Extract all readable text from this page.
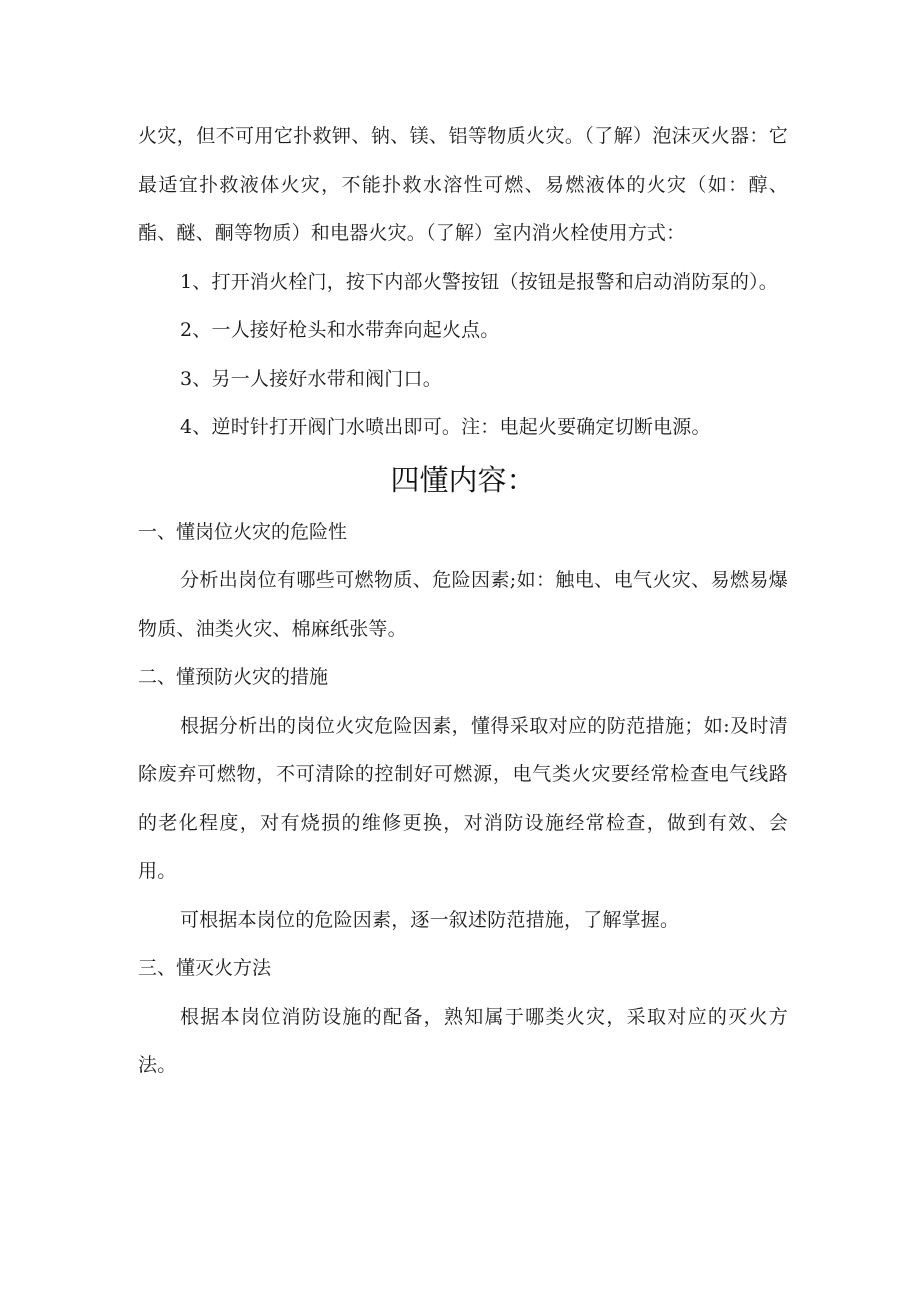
火灾，但不可用它扑救钾、钠、镁、铝等物质火灾。（了解）泡沫灭火器：它最适宜扑救液体火灾，不能扑救水溶性可燃、易燃液体的火灾（如：醇、酯、醚、酮等物质）和电器火灾。（了解）室内消火栓使用方式：

1、打开消火栓门，按下内部火警按钮（按钮是报警和启动消防泵的）。

2、一人接好枪头和水带奔向起火点。

3、另一人接好水带和阀门口。

4、逆时针打开阀门水喷出即可。注：电起火要确定切断电源。

四懂内容：

一、懂岗位火灾的危险性

分析出岗位有哪些可燃物质、危险因素;如：触电、电气火灾、易燃易爆物质、油类火灾、棉麻纸张等。

二、懂预防火灾的措施

根据分析出的岗位火灾危险因素，懂得采取对应的防范措施；如:及时清除废弃可燃物，不可清除的控制好可燃源，电气类火灾要经常检查电气线路的老化程度，对有烧损的维修更换，对消防设施经常检查，做到有效、会用。

可根据本岗位的危险因素，逐一叙述防范措施，了解掌握。

三、懂灭火方法

根据本岗位消防设施的配备，熟知属于哪类火灾，采取对应的灭火方法。
